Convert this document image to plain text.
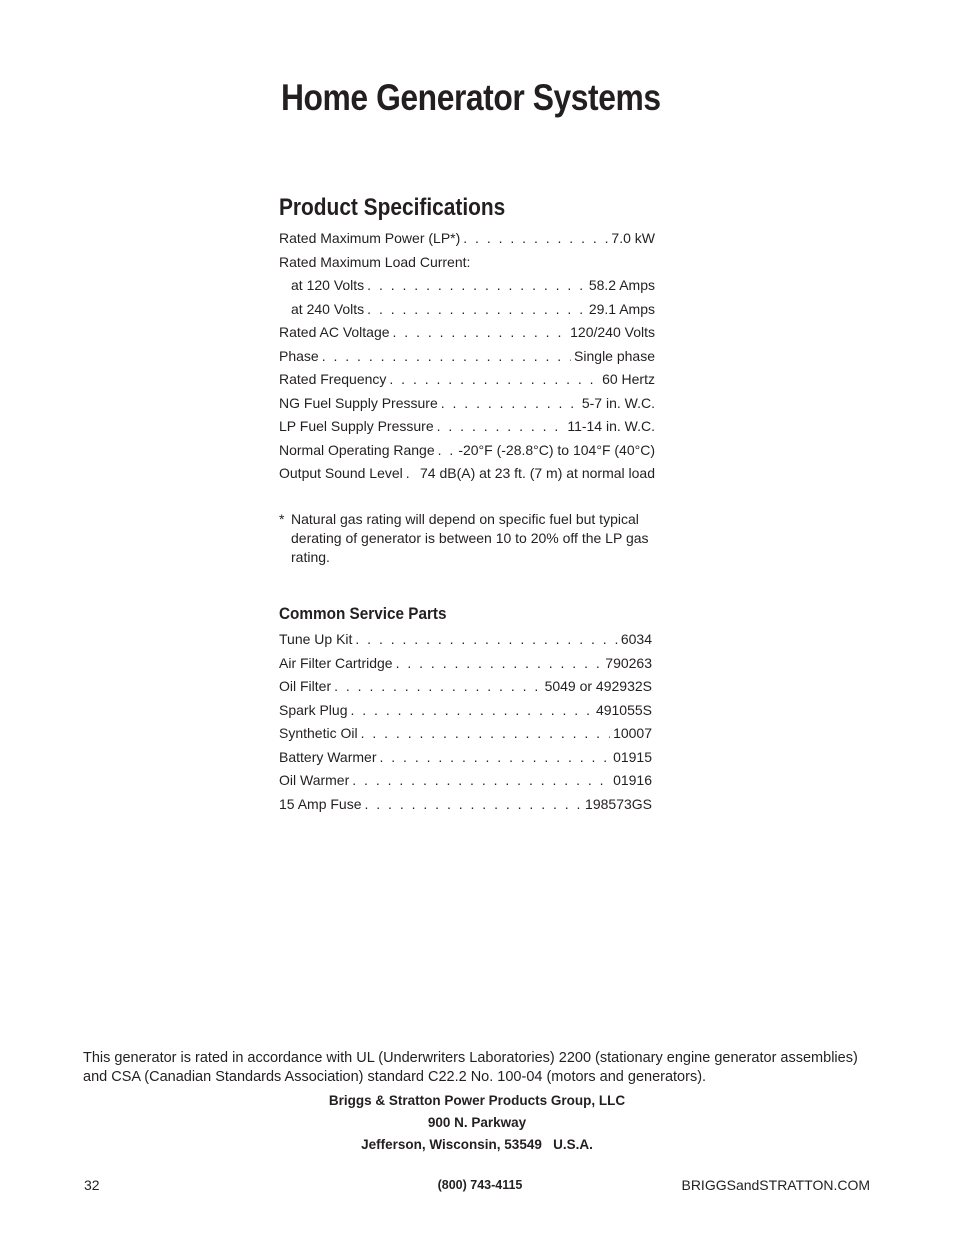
Home Generator Systems
Product Specifications
Rated Maximum Power (LP*) . . .	7.0 kW
Rated Maximum Load Current:
at 120 Volts . . .	58.2 Amps
at 240 Volts . . .	29.1 Amps
Rated AC Voltage . . .	120/240 Volts
Phase . . .	Single phase
Rated Frequency . . .	60 Hertz
NG Fuel Supply Pressure . . .	5-7 in. W.C.
LP Fuel Supply Pressure . . .	11-14 in. W.C.
Normal Operating Range . . . -20°F (-28.8°C) to 104°F (40°C)
Output Sound Level . . . 74 dB(A) at 23 ft. (7 m) at normal load
* Natural gas rating will depend on specific fuel but typical derating of generator is between 10 to 20% off the LP gas rating.
Common Service Parts
Tune Up Kit . . .	6034
Air Filter Cartridge . . .	790263
Oil Filter . . .	5049 or 492932S
Spark Plug . . .	491055S
Synthetic Oil . . .	10007
Battery Warmer . . .	01915
Oil Warmer . . .	01916
15 Amp Fuse . . .	198573GS

This generator is rated in accordance with UL (Underwriters Laboratories) 2200 (stationary engine generator assemblies) and CSA (Canadian Standards Association) standard C22.2 No. 100-04 (motors and generators).

Briggs & Stratton Power Products Group, LLC
900 N. Parkway
Jefferson, Wisconsin, 53549   U.S.A.
32	(800) 743-4115	BRIGGSandSTRATTON.COM
